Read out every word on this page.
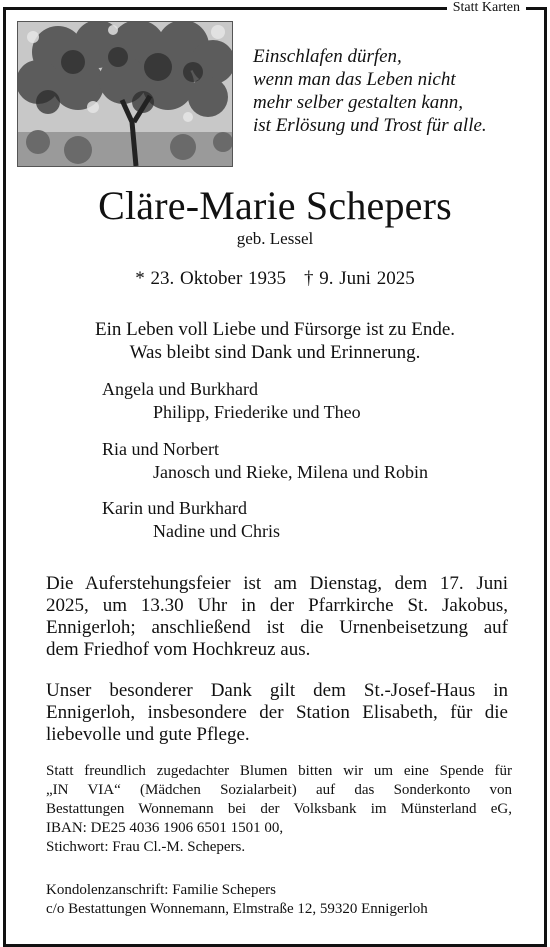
Statt Karten
Einschlafen dürfen,
wenn man das Leben nicht
mehr selber gestalten kann,
ist Erlösung und Trost für alle.
Cläre-Marie Schepers
geb. Lessel
* 23. Oktober 1935 † 9. Juni 2025
Ein Leben voll Liebe und Fürsorge ist zu Ende.
Was bleibt sind Dank und Erinnerung.
Angela und Burkhard
Philipp, Friederike und Theo
Ria und Norbert
Janosch und Rieke, Milena und Robin
Karin und Burkhard
Nadine und Chris
Die Auferstehungsfeier ist am Dienstag, dem 17. Juni
2025, um 13.30 Uhr in der Pfarrkirche St. Jakobus,
Ennigerloh; anschließend ist die Urnenbeisetzung auf
dem Friedhof vom Hochkreuz aus.
Unser besonderer Dank gilt dem St.-Josef-Haus in
Ennigerloh, insbesondere der Station Elisabeth, für die
liebevolle und gute Pflege.
Statt freundlich zugedachter Blumen bitten wir um eine Spende für
„IN VIA“ (Mädchen Sozialarbeit) auf das Sonderkonto von
Bestattungen Wonnemann bei der Volksbank im Münsterland eG,
IBAN: DE25 4036 1906 6501 1501 00,
Stichwort: Frau Cl.-M. Schepers.
Kondolenzanschrift: Familie Schepers
c/o Bestattungen Wonnemann, Elmstraße 12, 59320 Ennigerloh
